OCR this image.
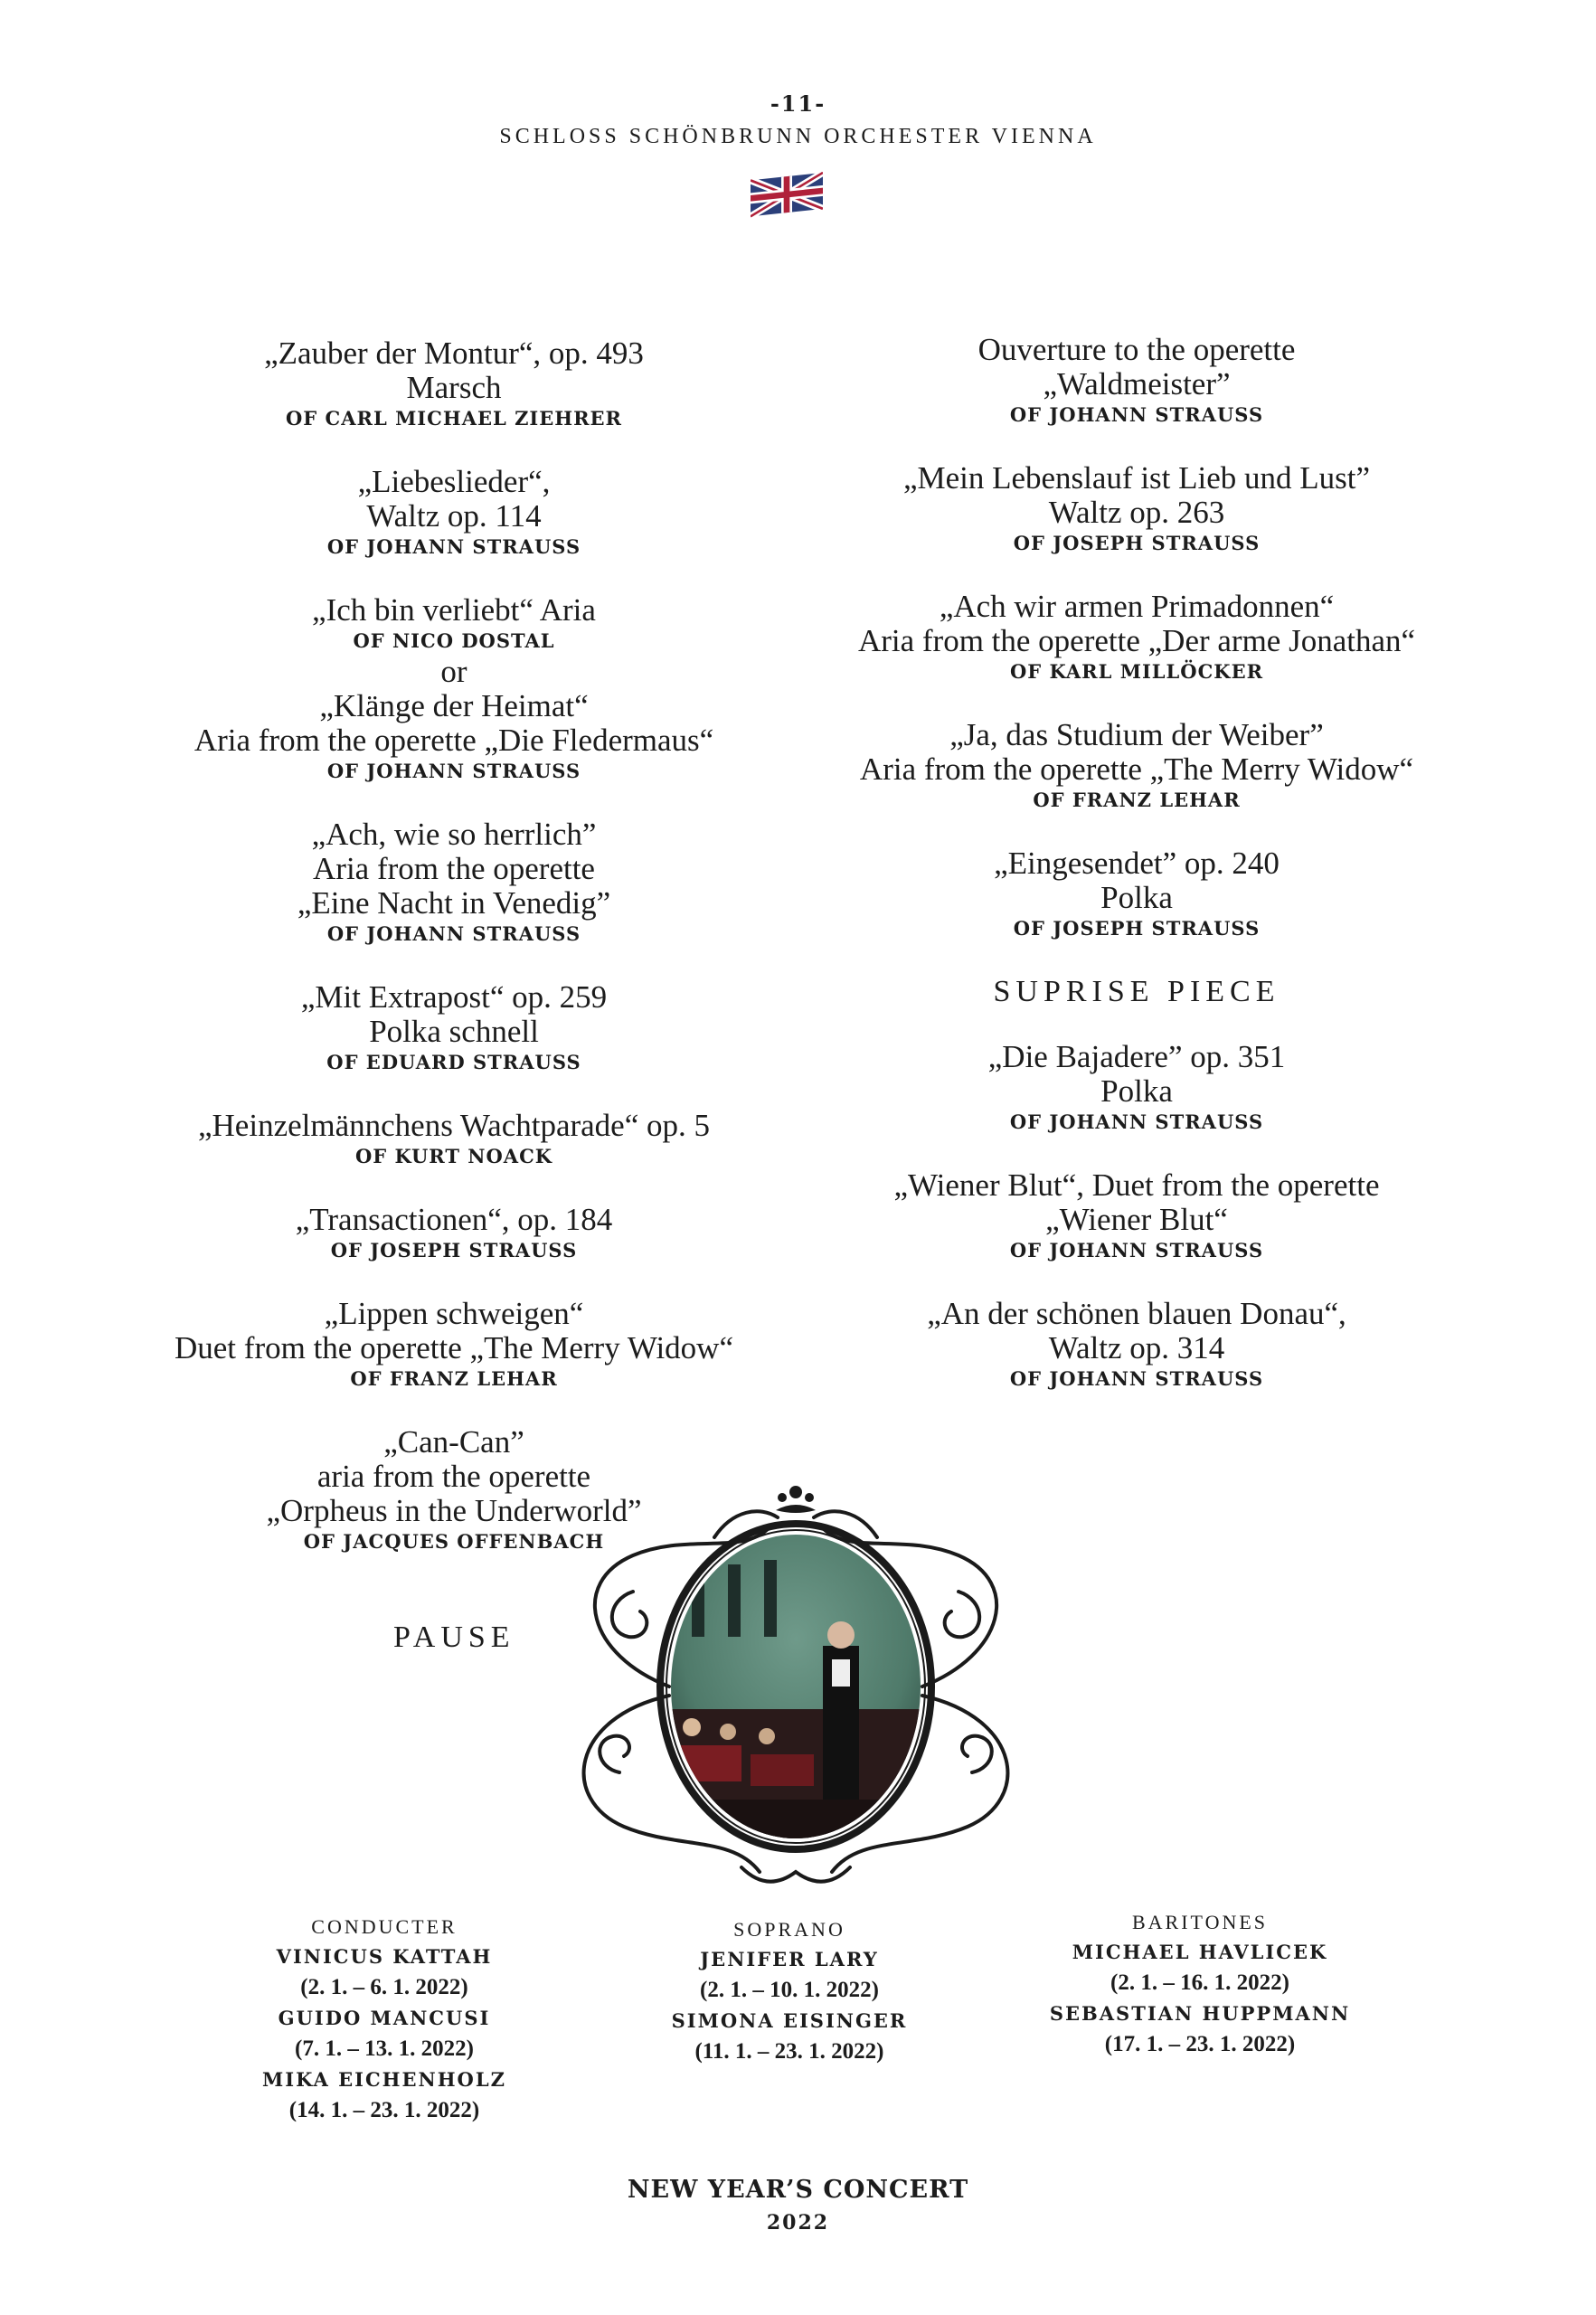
-11-
SCHLOSS SCHÖNBRUNN ORCHESTER VIENNA
„Zauber der Montur“, op. 493
Marsch
OF CARL MICHAEL ZIEHRER
„Liebeslieder“,
Waltz op. 114
OF JOHANN STRAUSS
„Ich bin verliebt“ Aria
OF NICO DOSTAL
or
„Klänge der Heimat“
Aria from the operette „Die Fledermaus“
OF JOHANN STRAUSS
„Ach, wie so herrlich”
Aria from the operette
„Eine Nacht in Venedig”
OF JOHANN STRAUSS
„Mit Extrapost“ op. 259
Polka schnell
OF EDUARD STRAUSS
„Heinzelmännchens Wachtparade“ op. 5
OF KURT NOACK
„Transactionen“, op. 184
OF JOSEPH STRAUSS
„Lippen schweigen“
Duet from the operette „The Merry Widow“
OF FRANZ LEHAR
„Can-Can”
aria from the operette
„Orpheus in the Underworld”
OF JACQUES OFFENBACH
Ouverture to the operette
„Waldmeister”
OF JOHANN STRAUSS
„Mein Lebenslauf ist Lieb und Lust”
Waltz op. 263
OF JOSEPH STRAUSS
„Ach wir armen Primadonnen“
Aria from the operette „Der arme Jonathan“
OF KARL MILLÖCKER
„Ja, das Studium der Weiber”
Aria from the operette „The Merry Widow“
OF FRANZ LEHAR
„Eingesendet” op. 240
Polka
OF JOSEPH STRAUSS
SUPRISE PIECE
„Die Bajadere” op. 351
Polka
OF JOHANN STRAUSS
„Wiener Blut“, Duet from the operette
„Wiener Blut“
OF JOHANN STRAUSS
„An der schönen blauen Donau“,
Waltz op. 314
OF JOHANN STRAUSS
PAUSE
CONDUCTER
VINICUS KATTAH
(2. 1. – 6. 1. 2022)
GUIDO MANCUSI
(7. 1. – 13. 1. 2022)
MIKA EICHENHOLZ
(14. 1. – 23. 1. 2022)
SOPRANO
JENIFER LARY
(2. 1. – 10. 1. 2022)
SIMONA EISINGER
(11. 1. – 23. 1. 2022)
BARITONES
MICHAEL HAVLICEK
(2. 1. – 16. 1. 2022)
SEBASTIAN HUPPMANN
(17. 1. – 23. 1. 2022)
NEW YEAR’S CONCERT
2022
